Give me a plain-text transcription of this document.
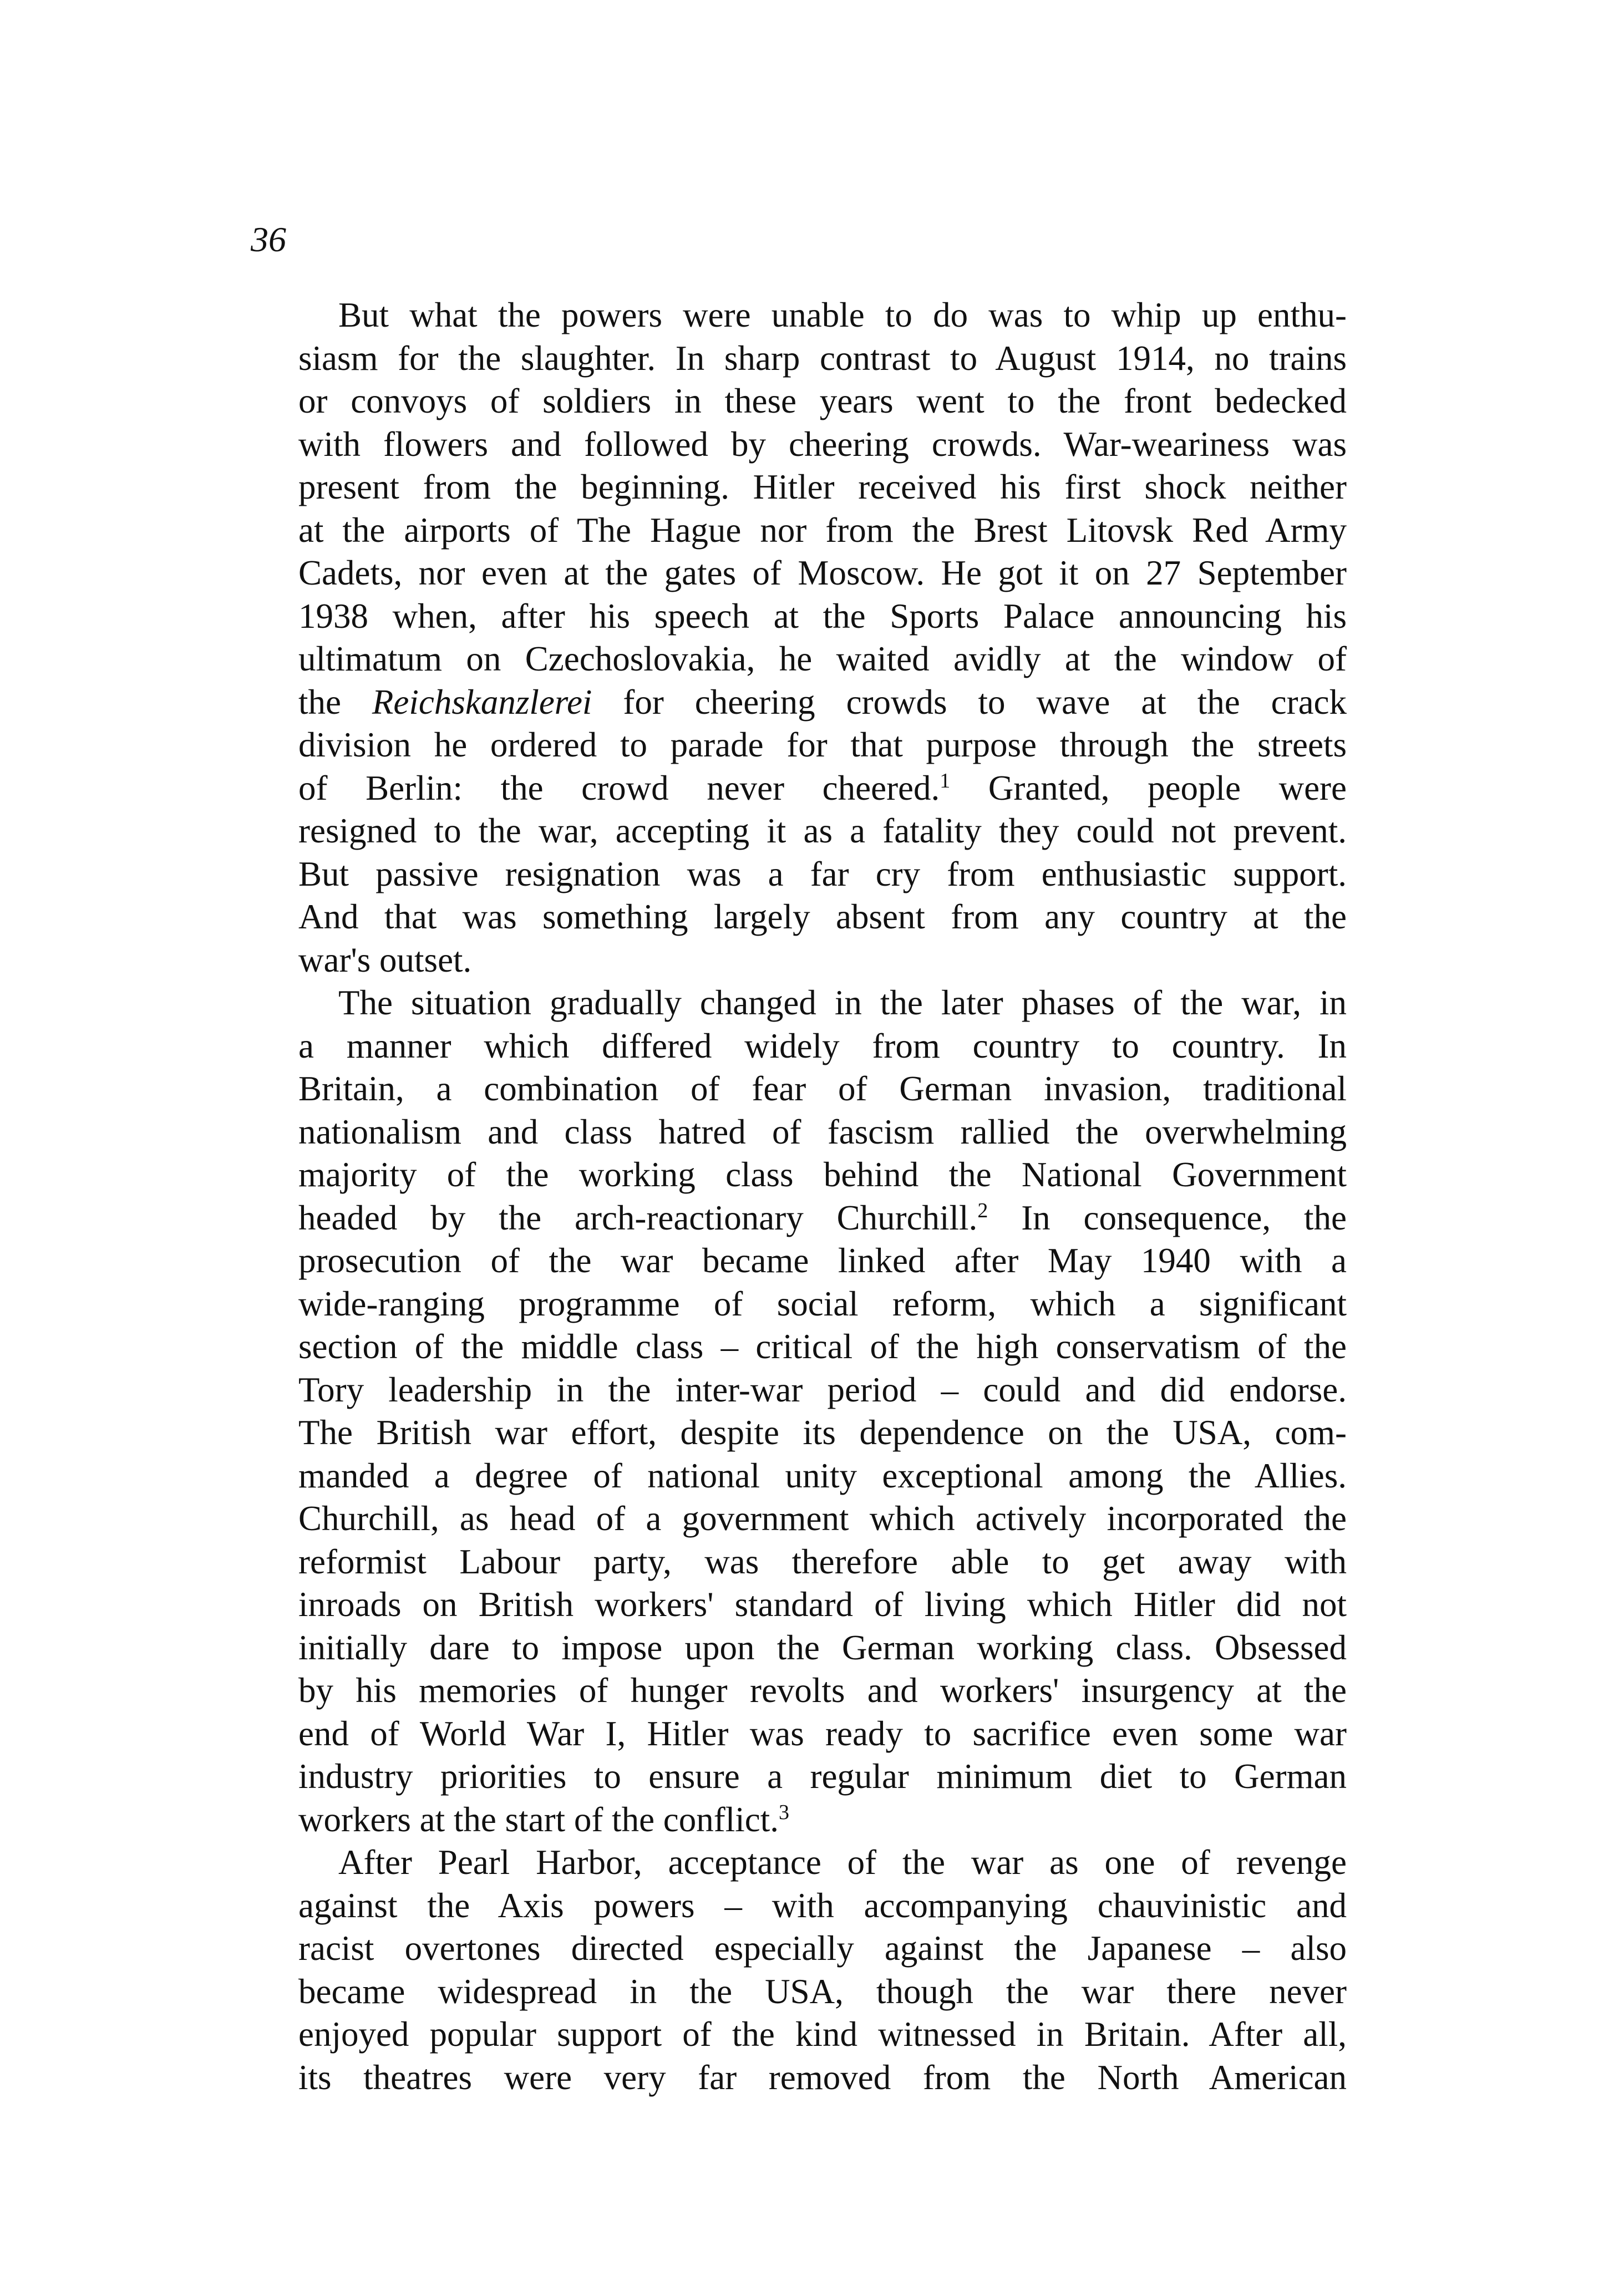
36
But what the powers were unable to do was to whip up enthu-
siasm for the slaughter. In sharp contrast to August 1914, no trains
or convoys of soldiers in these years went to the front bedecked
with flowers and followed by cheering crowds. War-weariness was
present from the beginning. Hitler received his first shock neither
at the airports of The Hague nor from the Brest Litovsk Red Army
Cadets, nor even at the gates of Moscow. He got it on 27 September
1938 when, after his speech at the Sports Palace announcing his
ultimatum on Czechoslovakia, he waited avidly at the window of
the Reichskanzlerei for cheering crowds to wave at the crack
division he ordered to parade for that purpose through the streets
of Berlin: the crowd never cheered.$^1$ Granted, people were
resigned to the war, accepting it as a fatality they could not prevent.
But passive resignation was a far cry from enthusiastic support.
And that was something largely absent from any country at the
war's outset.
The situation gradually changed in the later phases of the war, in
a manner which differed widely from country to country. In
Britain, a combination of fear of German invasion, traditional
nationalism and class hatred of fascism rallied the overwhelming
majority of the working class behind the National Government
headed by the arch-reactionary Churchill.$^2$ In consequence, the
prosecution of the war became linked after May 1940 with a
wide-ranging programme of social reform, which a significant
section of the middle class – critical of the high conservatism of the
Tory leadership in the inter-war period – could and did endorse.
The British war effort, despite its dependence on the USA, com-
manded a degree of national unity exceptional among the Allies.
Churchill, as head of a government which actively incorporated the
reformist Labour party, was therefore able to get away with
inroads on British workers' standard of living which Hitler did not
initially dare to impose upon the German working class. Obsessed
by his memories of hunger revolts and workers' insurgency at the
end of World War I, Hitler was ready to sacrifice even some war
industry priorities to ensure a regular minimum diet to German
workers at the start of the conflict.$^3$
After Pearl Harbor, acceptance of the war as one of revenge
against the Axis powers – with accompanying chauvinistic and
racist overtones directed especially against the Japanese – also
became widespread in the USA, though the war there never
enjoyed popular support of the kind witnessed in Britain. After all,
its theatres were very far removed from the North American
